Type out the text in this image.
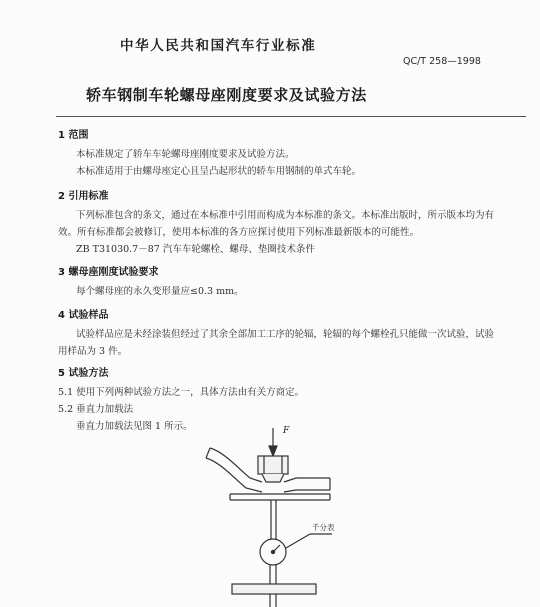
中华人民共和国汽车行业标准
QC/T 258—1998
轿车钢制车轮螺母座刚度要求及试验方法
1 范围
本标准规定了轿车车轮螺母座刚度要求及试验方法。
本标准适用于由螺母座定心且呈凸起形状的轿车用钢制的单式车轮。
2 引用标准
下列标准包含的条文，通过在本标准中引用而构成为本标准的条文。本标准出版时，所示版本均为有
效。所有标准都会被修订，使用本标准的各方应探讨使用下列标准最新版本的可能性。
ZB T31030.7－87 汽车车轮螺栓、螺母、垫圈技术条件
3 螺母座刚度试验要求
每个螺母座的永久变形量应≤0.3 mm。
4 试验样品
试验样品应是未经涂装但经过了其余全部加工工序的轮辐，轮辐的每个螺栓孔只能做一次试验，试验
用样品为 3 件。
5 试验方法
5.1 使用下列两种试验方法之一，具体方法由有关方商定。
5.2 垂直力加载法
垂直力加载法见图 1 所示。	F
千分表
